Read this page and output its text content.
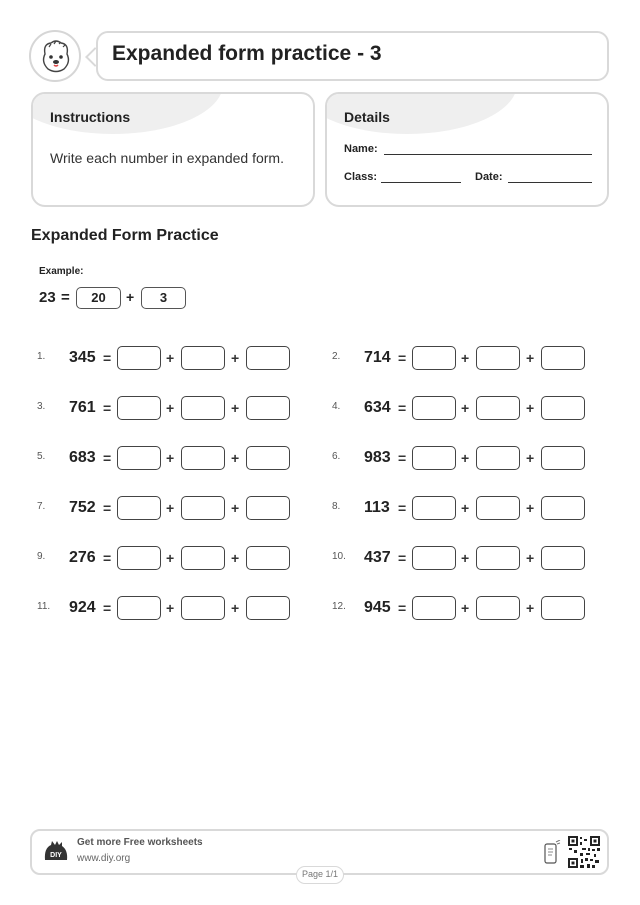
Expanded form practice - 3
Instructions
Write each number in expanded form.
Details
Name:
Class:	Date:
Expanded Form Practice
Example:
23 =	20	+	3
1. 345 =	+	+	2. 714 =	+	+
3. 761 =	+	+	4. 634 =	+	+
5. 683 =	+	+	6. 983 =	+	+
7. 752 =	+	+	8. 113 =	+	+
9. 276 =	+	+	10. 437 =	+	+
11. 924 =	+	+	12. 945 =	+	+
DIY
Get more Free worksheets
www.diy.org
Page 1/1
